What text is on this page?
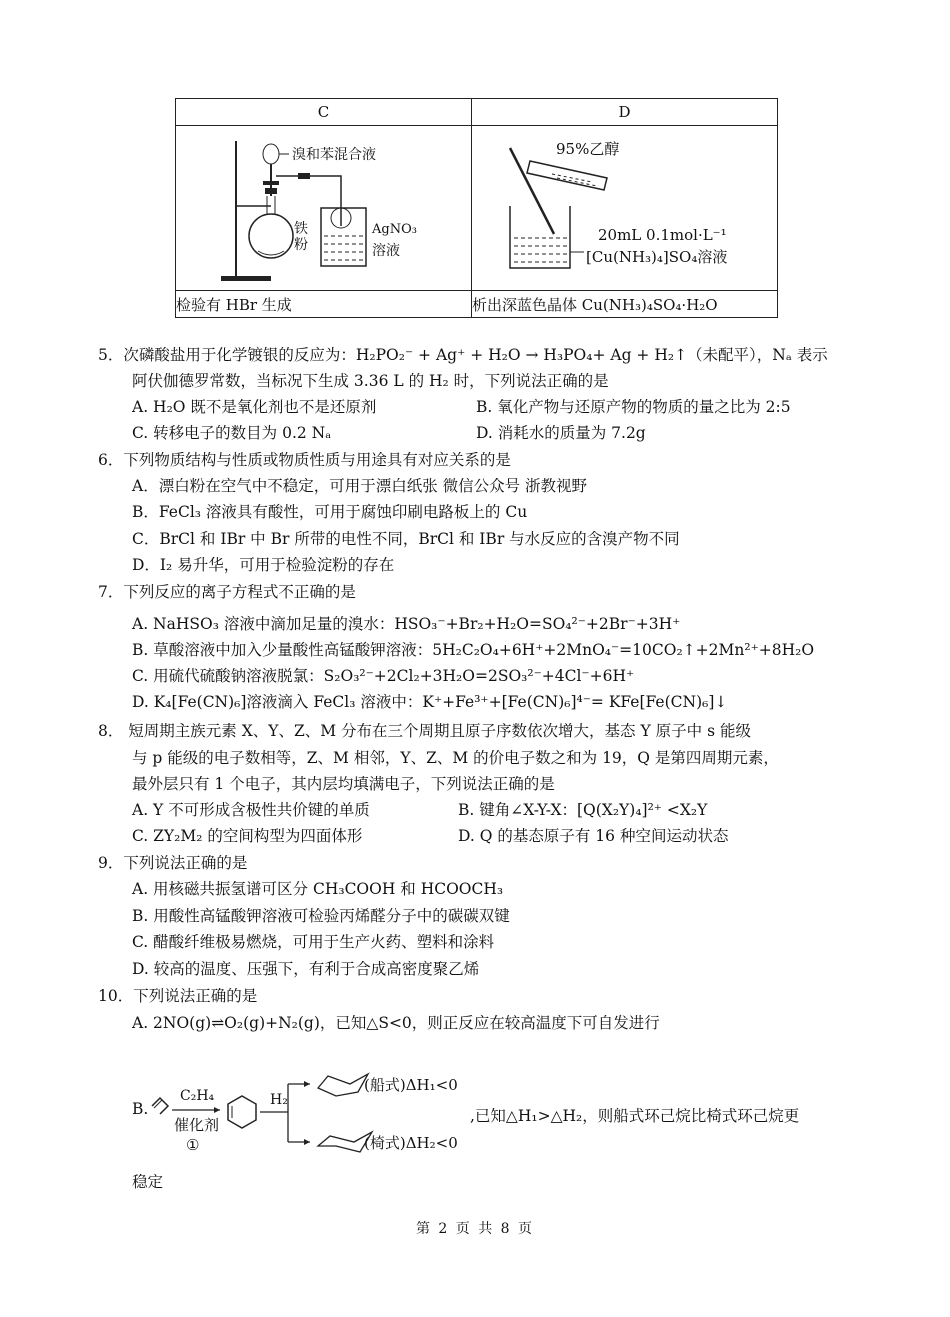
C	D

溴和苯混合液
铁
粉
AgNO₃
溶液	95%乙醇
20mL 0.1mol·L⁻¹
[Cu(NH₃)₄]SO₄溶液

检验有 HBr 生成	析出深蓝色晶体 Cu(NH₃)₄SO₄·H₂O
5．次磷酸盐用于化学镀银的反应为：H₂PO₂⁻ + Ag⁺ + H₂O → H₃PO₄+ Ag + H₂↑（未配平），Nₐ 表示
阿伏伽德罗常数，当标况下生成 3.36 L 的 H₂ 时，下列说法正确的是
A. H₂O 既不是氧化剂也不是还原剂	B. 氧化产物与还原产物的物质的量之比为 2:5
C. 转移电子的数目为 0.2 Nₐ	D. 消耗水的质量为 7.2g
6．下列物质结构与性质或物质性质与用途具有对应关系的是
A．漂白粉在空气中不稳定，可用于漂白纸张 微信公众号 浙教视野
B．FeCl₃ 溶液具有酸性，可用于腐蚀印刷电路板上的 Cu
C．BrCl 和 IBr 中 Br 所带的电性不同，BrCl 和 IBr 与水反应的含溴产物不同
D．I₂ 易升华，可用于检验淀粉的存在
7．下列反应的离子方程式不正确的是
A. NaHSO₃ 溶液中滴加足量的溴水：HSO₃⁻+Br₂+H₂O=SO₄²⁻+2Br⁻+3H⁺
B. 草酸溶液中加入少量酸性高锰酸钾溶液：5H₂C₂O₄+6H⁺+2MnO₄⁻=10CO₂↑+2Mn²⁺+8H₂O
C. 用硫代硫酸钠溶液脱氯：S₂O₃²⁻+2Cl₂+3H₂O=2SO₃²⁻+4Cl⁻+6H⁺
D. K₄[Fe(CN)₆]溶液滴入 FeCl₃ 溶液中：K⁺+Fe³⁺+[Fe(CN)₆]⁴⁻= KFe[Fe(CN)₆]↓
8． 短周期主族元素 X、Y、Z、M 分布在三个周期且原子序数依次增大，基态 Y 原子中 s 能级
与 p 能级的电子数相等，Z、M 相邻，Y、Z、M 的价电子数之和为 19，Q 是第四周期元素，
最外层只有 1 个电子，其内层均填满电子，下列说法正确的是
A. Y 不可形成含极性共价键的单质	B. 键角∠X-Y-X：[Q(X₂Y)₄]²⁺ <X₂Y
C. ZY₂M₂ 的空间构型为四面体形	D. Q 的基态原子有 16 种空间运动状态
9．下列说法正确的是
A. 用核磁共振氢谱可区分 CH₃COOH 和 HCOOCH₃
B. 用酸性高锰酸钾溶液可检验丙烯醛分子中的碳碳双键
C. 醋酸纤维极易燃烧，可用于生产火药、塑料和涂料
D. 较高的温度、压强下，有利于合成高密度聚乙烯
10．下列说法正确的是
A. 2NO(g)⇌O₂(g)+N₂(g)，已知△S<0，则正反应在较高温度下可自发进行
B.
C₂H₄
催化剂
①
H₂
(船式)ΔH₁<0
(椅式)ΔH₂<0
,已知△H₁>△H₂，则船式环己烷比椅式环己烷更
稳定
第 2 页 共 8 页
